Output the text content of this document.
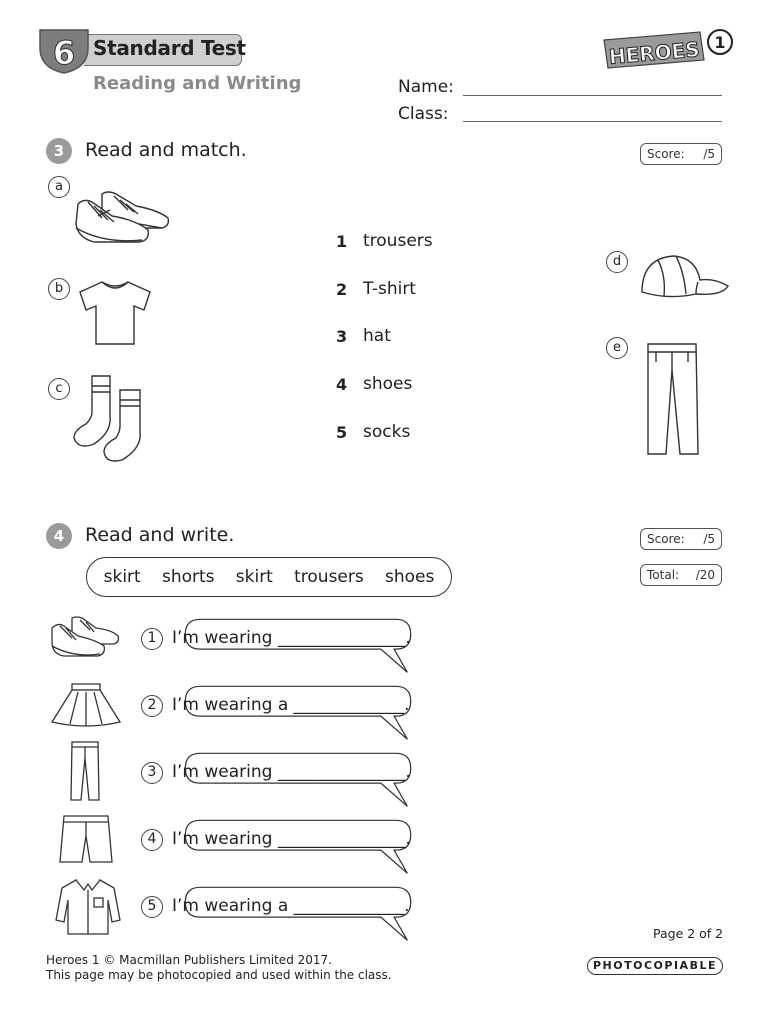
6 Standard Test
Reading and Writing	Name:
Class:
HEROES 1
3	Read and match.	Score: /5
a
b
c
d
e
1 trousers
2 T-shirt
3 hat
4 shoes
5 socks
4	Read and write.	Score: /5
Total: /20
skirt shorts skirt trousers shoes
1 I’m wearing _______________.
2 I’m wearing a _____________.
3 I’m wearing _______________.
4 I’m wearing _______________.
5 I’m wearing a _____________.
Page 2 of 2
Heroes 1 © Macmillan Publishers Limited 2017.
This page may be photocopied and used within the class.
PHOTOCOPIABLE
